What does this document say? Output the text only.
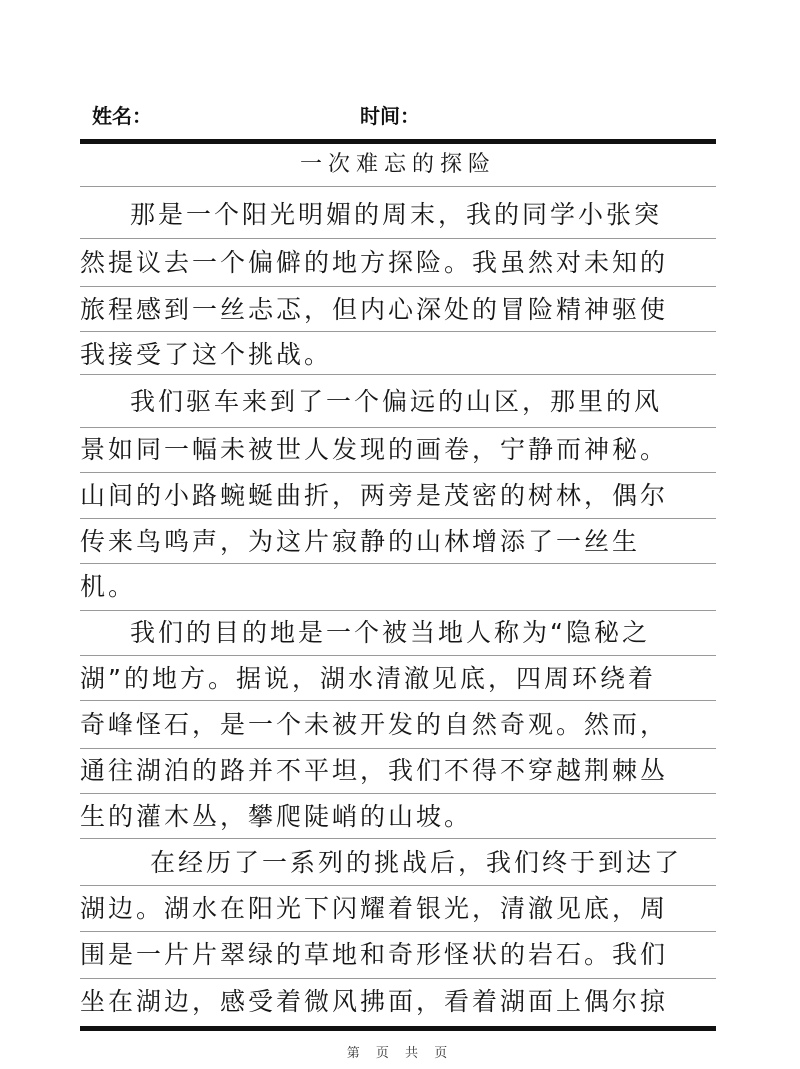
姓名：	时间：
一次难忘的探险
那是一个阳光明媚的周末，我的同学小张突
然提议去一个偏僻的地方探险。我虽然对未知的
旅程感到一丝忐忑，但内心深处的冒险精神驱使
我接受了这个挑战。
我们驱车来到了一个偏远的山区，那里的风
景如同一幅未被世人发现的画卷，宁静而神秘。
山间的小路蜿蜒曲折，两旁是茂密的树林，偶尔
传来鸟鸣声，为这片寂静的山林增添了一丝生
机。
我们的目的地是一个被当地人称为“隐秘之
湖”的地方。据说，湖水清澈见底，四周环绕着
奇峰怪石，是一个未被开发的自然奇观。然而，
通往湖泊的路并不平坦，我们不得不穿越荆棘丛
生的灌木丛，攀爬陡峭的山坡。
在经历了一系列的挑战后，我们终于到达了
湖边。湖水在阳光下闪耀着银光，清澈见底，周
围是一片片翠绿的草地和奇形怪状的岩石。我们
坐在湖边，感受着微风拂面，看着湖面上偶尔掠
第 页 共 页
